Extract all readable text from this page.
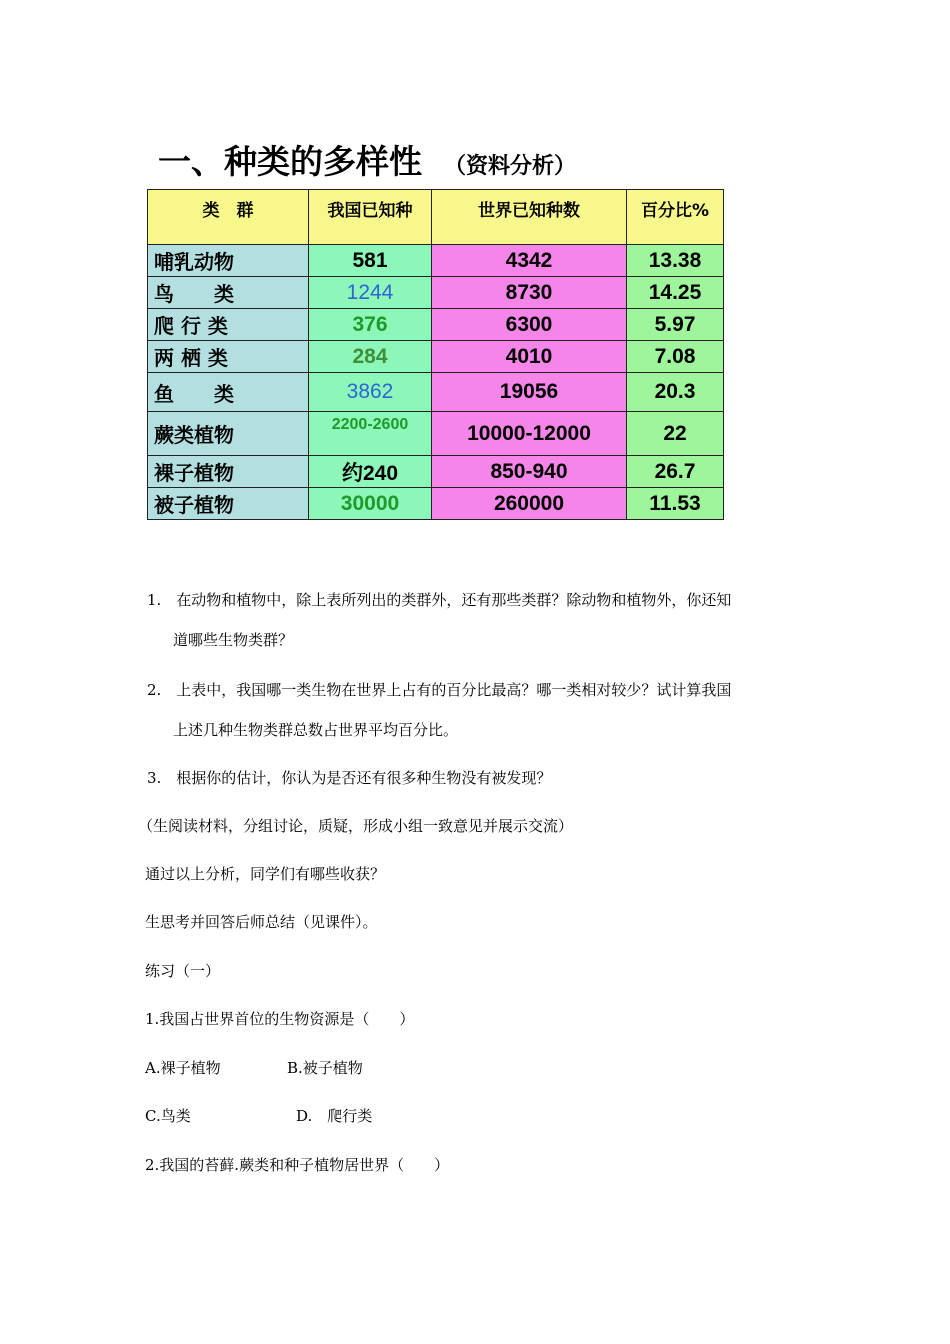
一、种类的多样性 （资料分析）
类　群	我国已知种	世界已知种数	百分比%
哺乳动物	581	4342	13.38
鸟　　类	1244	8730	14.25
爬 行 类	376	6300	5.97
两 栖 类	284	4010	7.08
鱼　　类	3862	19056	20.3
蕨类植物	2200-2600	10000-12000	22
裸子植物	约240	850-940	26.7
被子植物	30000	260000	11.53
1.　在动物和植物中，除上表所列出的类群外，还有那些类群？除动物和植物外，你还知
道哪些生物类群？
2.　上表中，我国哪一类生物在世界上占有的百分比最高？哪一类相对较少？试计算我国
上述几种生物类群总数占世界平均百分比。
3.　根据你的估计，你认为是否还有很多种生物没有被发现？
（生阅读材料，分组讨论，质疑，形成小组一致意见并展示交流）
通过以上分析，同学们有哪些收获？
生思考并回答后师总结（见课件）。
练习（一）
1.我国占世界首位的生物资源是（　　）
A.裸子植物	B.被子植物
C.鸟类	D.　爬行类
2.我国的苔藓.蕨类和种子植物居世界（　　）
